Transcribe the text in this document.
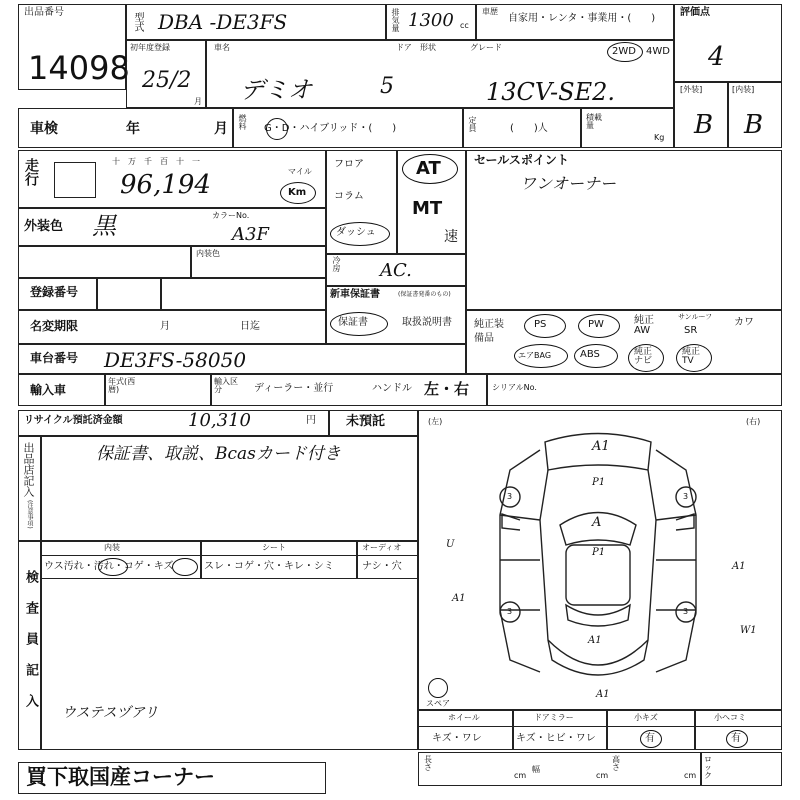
出品番号
14098
型式 DBA -DE3FS	排気量 1300 cc
車歴
自家用・レンタ・事業用・(　　)
評価点
4
初年度登録
25/2
月
車名
デミオ
ドア
5
形状	グレード
13CV-SE2.
2WD 4WD
[外装]	[内装]
B B
車検	年	月 燃料 G・D・ハイブリッド・(　　)	定員	(　　)人
積載量
Kg
走行	十　万　千　百　十　一
96,194	マイル
Km
外装色 黒	カラーNo.
A3F
内装色
フロア	AT
コラム
MT
ダッシュ	速
冷房 AC.
セールスポイント
ワンオーナー
登録番号	新車保証書	(保証書発番のもの)
保証書	取扱説明書
名変期限	月	日迄	純正装備品
PS	PW	純正AW
サンルーフ
SR
カワ
エアBAG	ABS	純正ナビ
純正TV
車台番号 DE3FS-58050
輸入車
年式(西暦)
輸入区分	ディーラー・並行	ハンドル 左・右	シリアルNo.
リサイクル預託済金額	10,310	円 未預託
出品店記入
(注意事項)
保証書、取説、Bcasカード付き
検査員記入
内装	シート	オーディオ
ウス汚れ・汚れ・コゲ・キズ	スレ・コゲ・穴・キレ・シミ	ナシ・穴
ウステスヅアリ
(左)	(右)
スペア
A1
P1
A
P1
A1
A1
A1
A1
W1
3	3
3	3
U
ホイール
キズ・ワレ
ドアミラー
キズ・ヒビ・ワレ
小キズ
有
小ヘコミ
有
長さ
cm
幅
cm
高さ
cm
ロック
買下取国産コーナー
